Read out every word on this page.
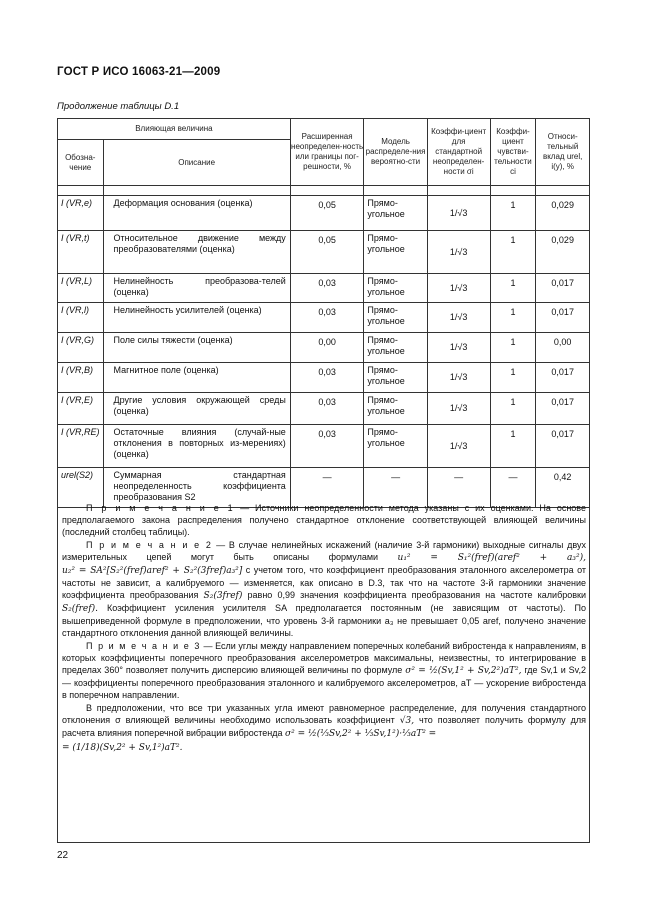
ГОСТ Р ИСО 16063-21—2009
Продолжение таблицы D.1
Влияющая величина		Расширенная неопределен-ность или границы пог-решности, %	Модель распределе-ния вероятно-сти	Коэффи-циент для стандартной неопределен-ности σi	Коэффи-циент чувстви-тельности ci	Относи-тельный вклад urel, i(y), %
Обозна-чение	Описание					

I (VR,e)	Деформация основания (оценка)	0,05	Прямо-угольное	1/√3	1	0,029
I (VR,t)	Относительное движение между преобразователями (оценка)	0,05	Прямо-угольное	1/√3	1	0,029
I (VR,L)	Нелинейность преобразова-телей (оценка)	0,03	Прямо-угольное	1/√3	1	0,017
I (VR,l)	Нелинейность усилителей (оценка)	0,03	Прямо-угольное	1/√3	1	0,017
I (VR,G)	Поле силы тяжести (оценка)	0,00	Прямо-угольное	1/√3	1	0,00
I (VR,B)	Магнитное поле (оценка)	0,03	Прямо-угольное	1/√3	1	0,017
I (VR,E)	Другие условия окружающей среды (оценка)	0,03	Прямо-угольное	1/√3	1	0,017
I (VR,RE)	Остаточные влияния (случай-ные отклонения в повторных из-мерениях) (оценка)	0,03	Прямо-угольное	1/√3	1	0,017
urel(S2)	Суммарная стандартная неопределенность коэффициента преобразования S2	—	—	—	—	0,42

П р и м е ч а н и е 1 — Источники неопределенности метода указаны с их оценками. На основе предполагаемого закона распределения получено стандартное отклонение соответствующей влияющей величины (последний столбец таблицы).

П р и м е ч а н и е 2 — В случае нелинейных искажений (наличие 3-й гармоники) выходные сигналы двух измерительных цепей могут быть описаны формулами u₁² = S₁²(fref)(aref² + a₃²), u₂² = SA²[S₂²(fref)aref² + S₂²(3fref)a₃²] с учетом того, что коэффициент преобразования эталонного акселерометра от частоты не зависит, а калибруемого — изменяется, как описано в D.3, так что на частоте 3-й гармоники значение коэффициента преобразования S₂(3fref) равно 0,99 значения коэффициента преобразования на частоте калибровки S₂(fref). Коэффициент усиления усилителя SA предполагается постоянным (не зависящим от частоты). По вышеприведенной формуле в предположении, что уровень 3-й гармоники a₃ не превышает 0,05 aref, получено значение стандартного отклонения данной влияющей величины.

П р и м е ч а н и е 3 — Если углы между направлением поперечных колебаний вибростенда к направлениям, в которых коэффициенты поперечного преобразования акселерометров максимальны, неизвестны, то интегрирование в пределах 360° позволяет получить дисперсию влияющей величины по формуле σ² = ½(Sv,1² + Sv,2²)aT², где Sv,1 и Sv,2 — коэффициенты поперечного преобразования эталонного и калибруемого акселерометров, aT — ускорение вибростенда в поперечном направлении.

В предположении, что все три указанных угла имеют равномерное распределение, для получения стандартного отклонения σ влияющей величины необходимо использовать коэффициент √3, что позволяет получить формулу для расчета влияния поперечной вибрации вибростенда σ² = ½(⅓Sv,2² + ⅓Sv,1²)·⅓aT² =

= (1/18)(Sv,2² + Sv,1²)aT².

22
